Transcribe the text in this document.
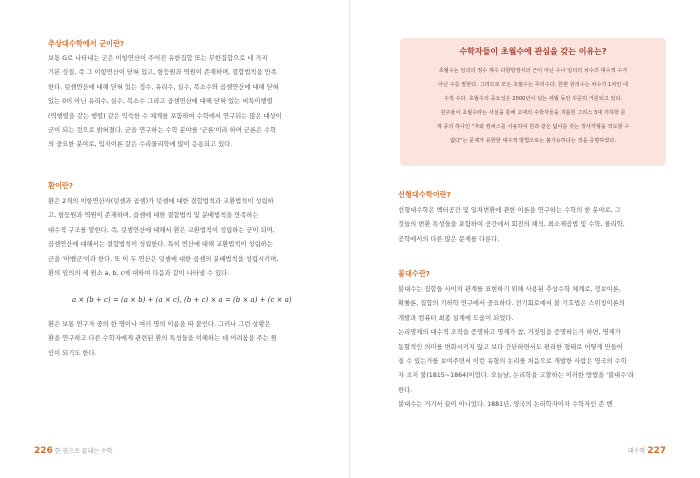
추상대수학에서 군이란?
보통 G로 나타내는 군은 이항연산이 주어진 유한집합 또는 무한집합으로 네 가지
기본 성질, 즉 그 이항연산이 닫혀 있고, 항등원과 역원이 존재하며, 결합법칙을 만족
한다. 덧셈연산에 대해 닫혀 있는 정수, 유리수, 실수, 복소수와 곱셈연산에 대해 닫혀
있는 0이 아닌 유리수, 실수, 복소수 그리고 곱셈연산에 대해 닫혀 있는 비특이행렬
(역행렬을 갖는 행렬) 같은 익숙한 수 체계를 포함하여 수학에서 연구되는 많은 대상이
군이 되는 것으로 밝혀졌다. 군을 연구하는 수학 분야를 '군론'이라 하며 군론은 수학
의 중요한 분야로, 입자이론 같은 수리물리학에 많이 응용되고 있다.
환이란?
환은 2개의 이항연산자(덧셈과 곱셈)가 덧셈에 대한 결합법칙과 교환법칙이 성립하
고, 항등원과 역원이 존재하며, 곱셈에 대한 결합법칙 및 분배법칙을 만족하는
대수적 구조를 말한다. 즉, 덧셈연산에 대해서 환은 교환법칙이 성립하는 군이 되며,
곱셈연산에 대해서는 결합법칙이 성립한다. 특히 연산에 대해 교환법칙이 성립하는
군을 '아벨군'이라 한다. 또 이 두 연산은 덧셈에 대한 곱셈의 분배법칙을 성립시키며,
환의 임의의 세 원소 a, b, c에 대하여 다음과 같이 나타낼 수 있다.
a × (b + c) = (a × b) + (a × c), (b + c) × a = (b × a) + (c × a)
환은 보통 연구자 중의 한 명이나 여러 명의 이름을 따 붙인다. 그러나 그런 상황은
환을 연구하고 다른 수학자에게 관련된 환의 특성들을 이해하는 데 어려움을 주는 원
인이 되기도 한다.
226 한 권으로 끝내는 수학
수학자들이 초월수에 관심을 갖는 이유는?
초월수는 임의의 정수 계수 다항방정식의 근이 아닌 수나 임의의 차수의 대수적 수가
아닌 수를 말한다. 그리므로 모든 초월수는 무리수다. 한편 원리수는 차수가 1차인 대
수적 수다. 초월수의 중요성은 2000년이 넘는 세월 동안 꾸준히 거론되고 있다.
원주율이 초월수라는 사실을 통해 고대의 수학자들을 괴롭힌 그리스 3대 기하학 문
제 중의 하나인 "자와 컴퍼스를 사용하여 원과 같은 넓이를 갖는 정사각형을 작도할 수
없다"는 문제가 유한한 대수적 방법으로는 불가능하다는 것을 증명하였다.
선형대수학이란?
선형대수학은 벡터공간 및 일차변환에 관한 이론을 연구하는 수학의 한 분야로, 그
것들의 변환 특성들을 포함하여 공간에서 회전의 해석, 최소제곱법 및 수학, 물리학,
공학에서의 다른 많은 문제를 다룬다.
불대수란?
불대수는 집합들 사이의 관계를 표현하기 위해 사용된 추상수학 체계로, 정보이론,
확률론, 집합의 기하학 연구에서 중요하다. 전기회로에서 불 기호법은 스위칭이론의
개발과 컴퓨터 최종 설계에 도움이 되었다.
논리명제의 대수적 조작을 증명하고 명제가 참, 거짓임을 증명하는가 하면, 명제가
동할적인 의미를 변화시키지 않고 보다 간단하면서도 편리한 형태로 어떻게 만들어
질 수 있는가를 보여주면서 이런 유형의 논리를 처음으로 개발한 사람은 영국의 수학
자 조지 불(1815~1864)이었다. 오늘날, 논리학을 고찰하는 이러한 방법을 '불대수'라
한다.
불대수는 거기서 끝이 아니었다. 1881년, 영국의 논리학자이자 수학자인 존 벤
대수학 227
